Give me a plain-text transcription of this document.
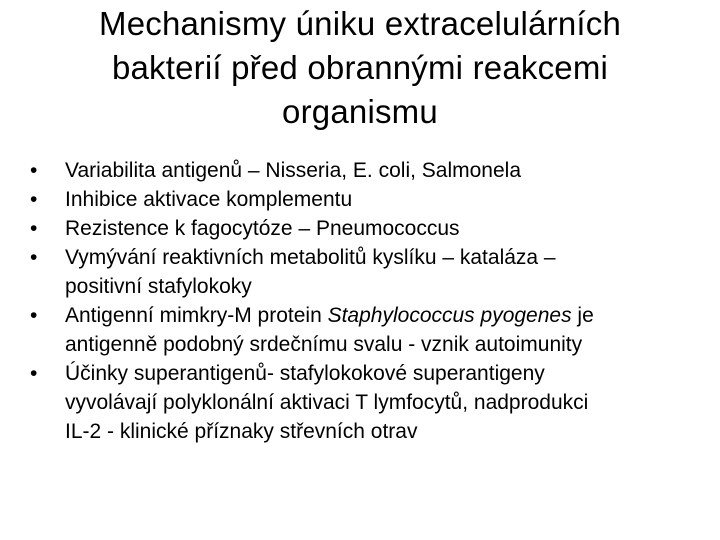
Mechanismy úniku extracelulárních
bakterií před obrannými reakcemi
organismu
•	Variabilita antigenů – Nisseria, E. coli, Salmonela
•	Inhibice aktivace komplementu
•	Rezistence k fagocytóze – Pneumococcus
•	Vymývání reaktivních metabolitů kyslíku – kataláza –
positivní stafylokoky
•	Antigenní mimkry-M protein Staphylococcus pyogenes je
antigenně podobný srdečnímu svalu - vznik autoimunity
•	Účinky superantigenů- stafylokokové superantigeny
vyvolávají polyklonální aktivaci T lymfocytů, nadprodukci
IL-2 - klinické příznaky střevních otrav
